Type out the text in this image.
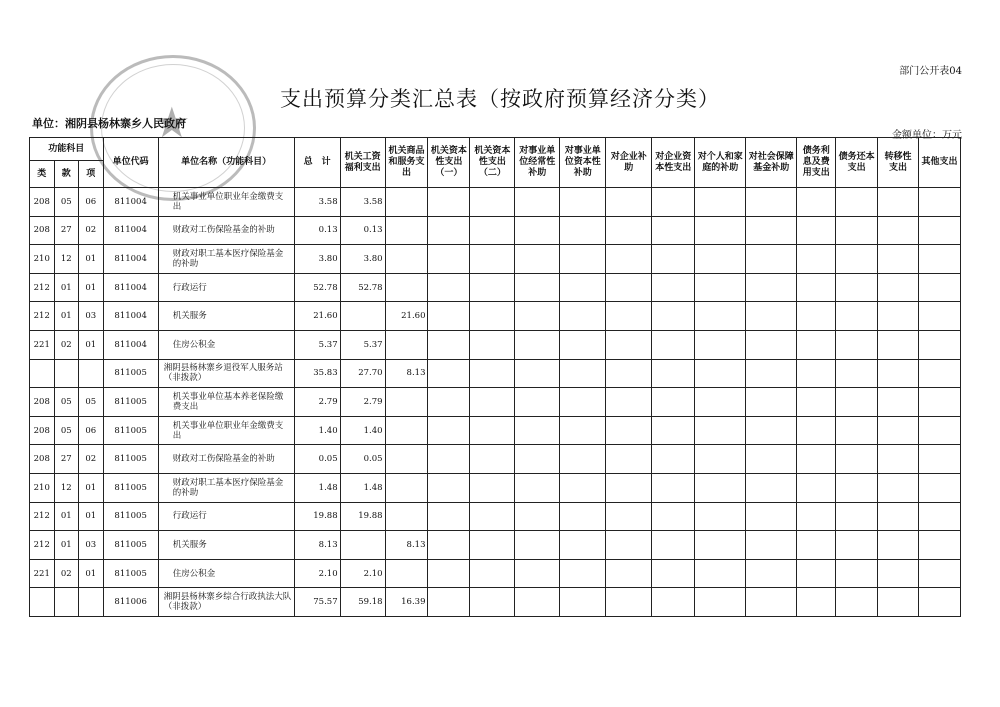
部门公开表04
★	支出预算分类汇总表（按政府预算经济分类）
单位：湘阴县杨林寨乡人民政府
金额单位：万元
功能科目			单位代码	单位名称（功能科目）	总　计	机关工资福利支出	机关商品和服务支出	机关资本性支出（一）	机关资本性支出（二）	对事业单位经常性补助	对事业单位资本性补助	对企业补助	对企业资本性支出	对个人和家庭的补助	对社会保障基金补助	债务利息及费用支出	债务还本支出	转移性支出	其他支出
类	款	项																	
208	05	06	811004	机关事业单位职业年金缴费支出	3.58	3.58													
208	27	02	811004	财政对工伤保险基金的补助	0.13	0.13													
210	12	01	811004	财政对职工基本医疗保险基金的补助	3.80	3.80													
212	01	01	811004	行政运行	52.78	52.78													
212	01	03	811004	机关服务	21.60		21.60												
221	02	01	811004	住房公积金	5.37	5.37													
			811005	湘阴县杨林寨乡退役军人服务站（非拨款）	35.83	27.70	8.13												
208	05	05	811005	机关事业单位基本养老保险缴费支出	2.79	2.79													
208	05	06	811005	机关事业单位职业年金缴费支出	1.40	1.40													
208	27	02	811005	财政对工伤保险基金的补助	0.05	0.05													
210	12	01	811005	财政对职工基本医疗保险基金的补助	1.48	1.48													
212	01	01	811005	行政运行	19.88	19.88													
212	01	03	811005	机关服务	8.13		8.13												
221	02	01	811005	住房公积金	2.10	2.10													
			811006	湘阴县杨林寨乡综合行政执法大队（非拨款）	75.57	59.18	16.39												
